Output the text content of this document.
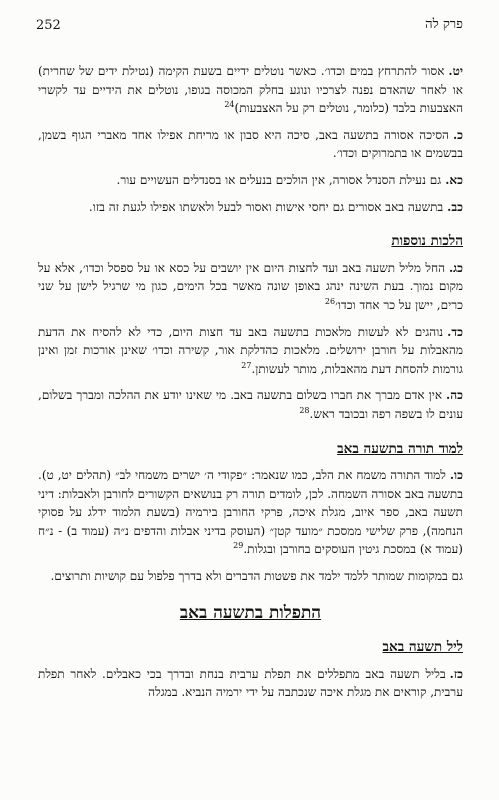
252	פרק לה

יט.אסור להתרחץ במים וכדו׳. כאשר נוטלים ידיים בשעת הקימה (נטילת ידים של שחרית) או לאחר שהאדם נפנה לצרכיו ונוגע בחלק המכוסה בגופו, נוטלים את הידיים עד לקשרי האצבעות בלבד (כלומר, נוטלים רק על האצבעות)$^{24}$

כ.הסיכה אסורה בתשעה באב, סיכה היא סבון או מריחת אפילו אחד מאברי הגוף בשמן, בבשמים או בתמרוקים וכדו׳.

כא.גם נעילת הסנדל אסורה, אין הולכים בנעלים או בסנדלים העשויים עור.

כב.בתשעה באב אסורים גם יחסי אישות ואסור לבעל ולאשתו אפילו לגעת זה בזו.

הלכות נוספות

כג.החל מליל תשעה באב ועד לחצות היום אין יושבים על כסא או על ספסל וכדו׳, אלא על מקום נמוך. בעת השינה ינהג באופן שונה מאשר בכל הימים, כגון מי שרגיל לישן על שני כרים, יישן על כר אחד וכדו׳$^{26}$

כד.נוהגים לא לעשות מלאכות בתשעה באב עד חצות היום, כדי לא להסיח את הדעת מהאבלות על חורבן ירושלים. מלאכות כהדלקת אור, קשירה וכדו׳ שאינן אורכות זמן ואינן גורמות להסחת דעת מהאבלות, מותר לעשותן.$^{27}$

כה.אין אדם מברך את חברו בשלום בתשעה באב. מי שאינו יודע את ההלכה ומברך בשלום, עונים לו בשפה רפה ובכובד ראש.$^{28}$

למוד תורה בתשעה באב

כו.למוד התורה משמח את הלב, כמו שנאמר: ״פקודי ה׳ ישרים משמחי לב״ (תהלים יט, ט). בתשעה באב אסורה השמחה. לכן, לומדים תורה רק בנושאים הקשורים לחורבן ולאבלות: דיני תשעה באב, ספר איוב, מגלת איכה, פרקי החורבן בירמיה (בשעת הלמוד ידלג על פסוקי הנחמה), פרק שלישי ממסכת ״מועד קטן״ (העוסק בדיני אבלות והדפים נ״ה (עמוד ב) - נ״ח (עמוד א) במסכת גיטין העוסקים בחורבן ובגלות.$^{29}$

גם במקומות שמותר ללמד ילמד את פשטות הדברים ולא בדרך פלפול עם קושיות ותרוצים.

התפלות בתשעה באב
ליל תשעה באב

כז.בליל תשעה באב מתפללים את תפלת ערבית בנחת ובדרך בכי כאבלים. לאחר תפלת ערבית, קוראים את מגלת איכה שנכתבה על ידי ירמיה הנביא. במגלה
